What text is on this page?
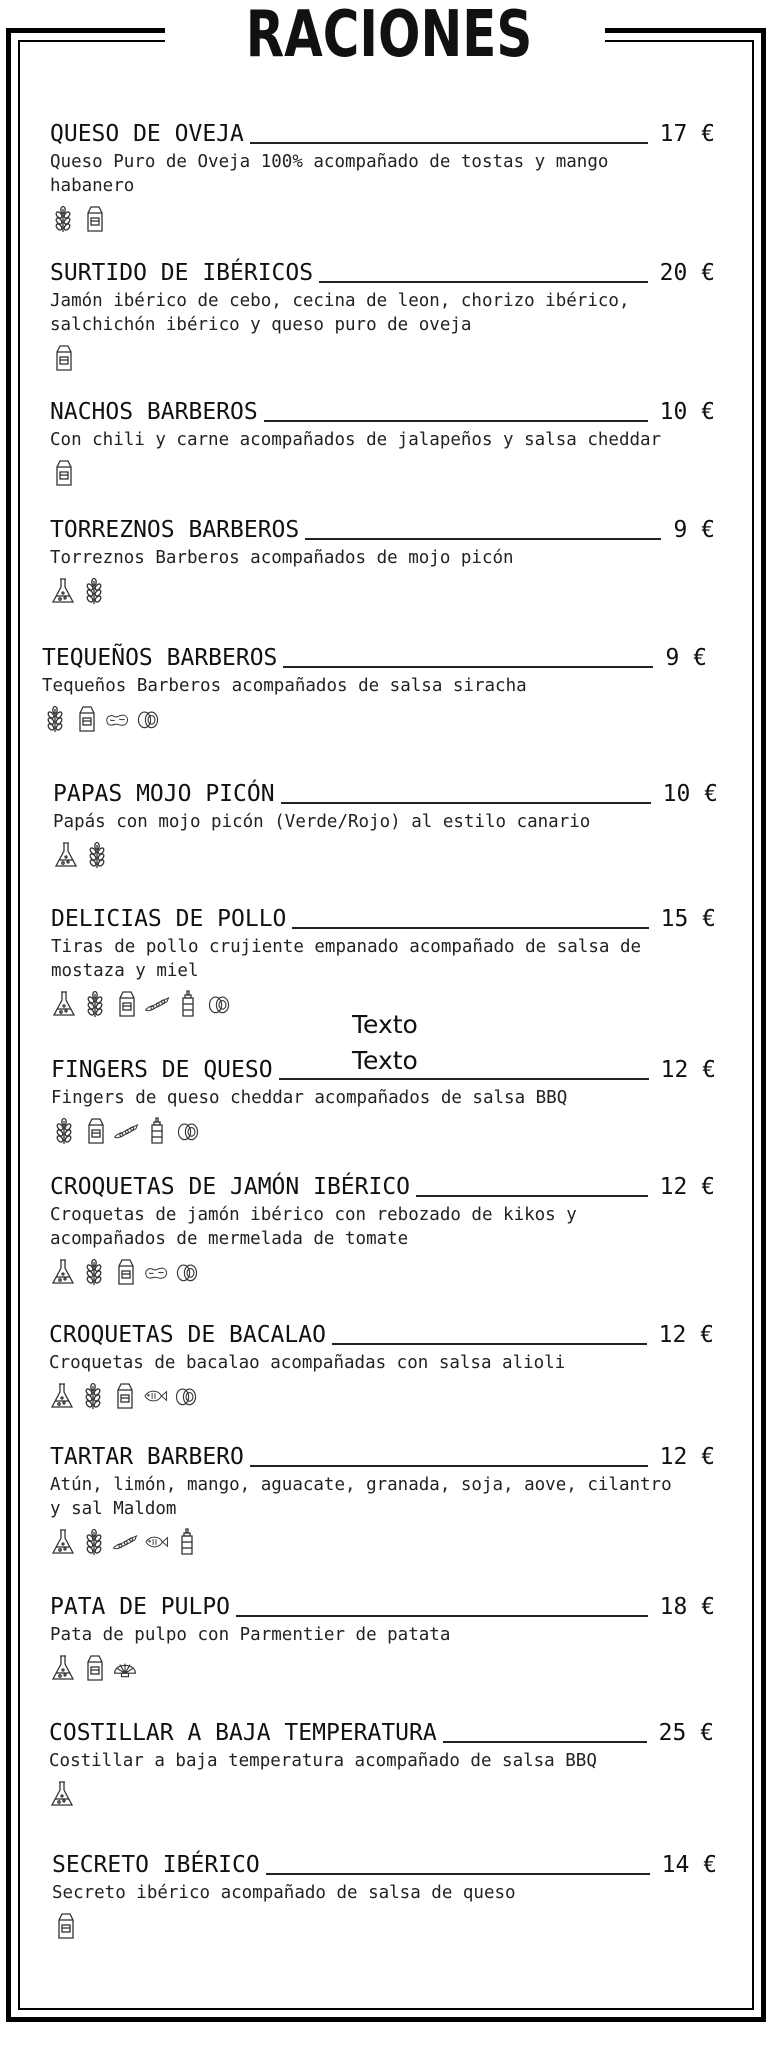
RACIONES
QUESO DE OVEJA	17 €
Queso Puro de Oveja 100% acompañado de tostas y mango habanero
SURTIDO DE IBÉRICOS	20 €
Jamón ibérico de cebo, cecina de leon, chorizo ibérico, salchichón ibérico y queso puro de oveja
NACHOS BARBEROS	10 €
Con chili y carne acompañados de jalapeños y salsa cheddar
TORREZNOS BARBEROS	9 €
Torreznos Barberos acompañados de mojo picón
TEQUEÑOS BARBEROS	9 €
Tequeños Barberos acompañados de salsa siracha
PAPAS MOJO PICÓN	10 €
Papás con mojo picón (Verde/Rojo) al estilo canario
DELICIAS DE POLLO	15 €
Tiras de pollo crujiente empanado acompañado de salsa de mostaza y miel
FINGERS DE QUESO	12 €
Fingers de queso cheddar acompañados de salsa BBQ
CROQUETAS DE JAMÓN IBÉRICO	12 €
Croquetas de jamón ibérico con rebozado de kikos y acompañados de mermelada de tomate
CROQUETAS DE BACALAO	12 €
Croquetas de bacalao acompañadas con salsa alioli
TARTAR BARBERO	12 €
Atún, limón, mango, aguacate, granada, soja, aove, cilantro y sal Maldom
PATA DE PULPO	18 €
Pata de pulpo con Parmentier de patata
COSTILLAR A BAJA TEMPERATURA	25 €
Costillar a baja temperatura acompañado de salsa BBQ
SECRETO IBÉRICO	14 €
Secreto ibérico acompañado de salsa de queso
Texto
Texto
